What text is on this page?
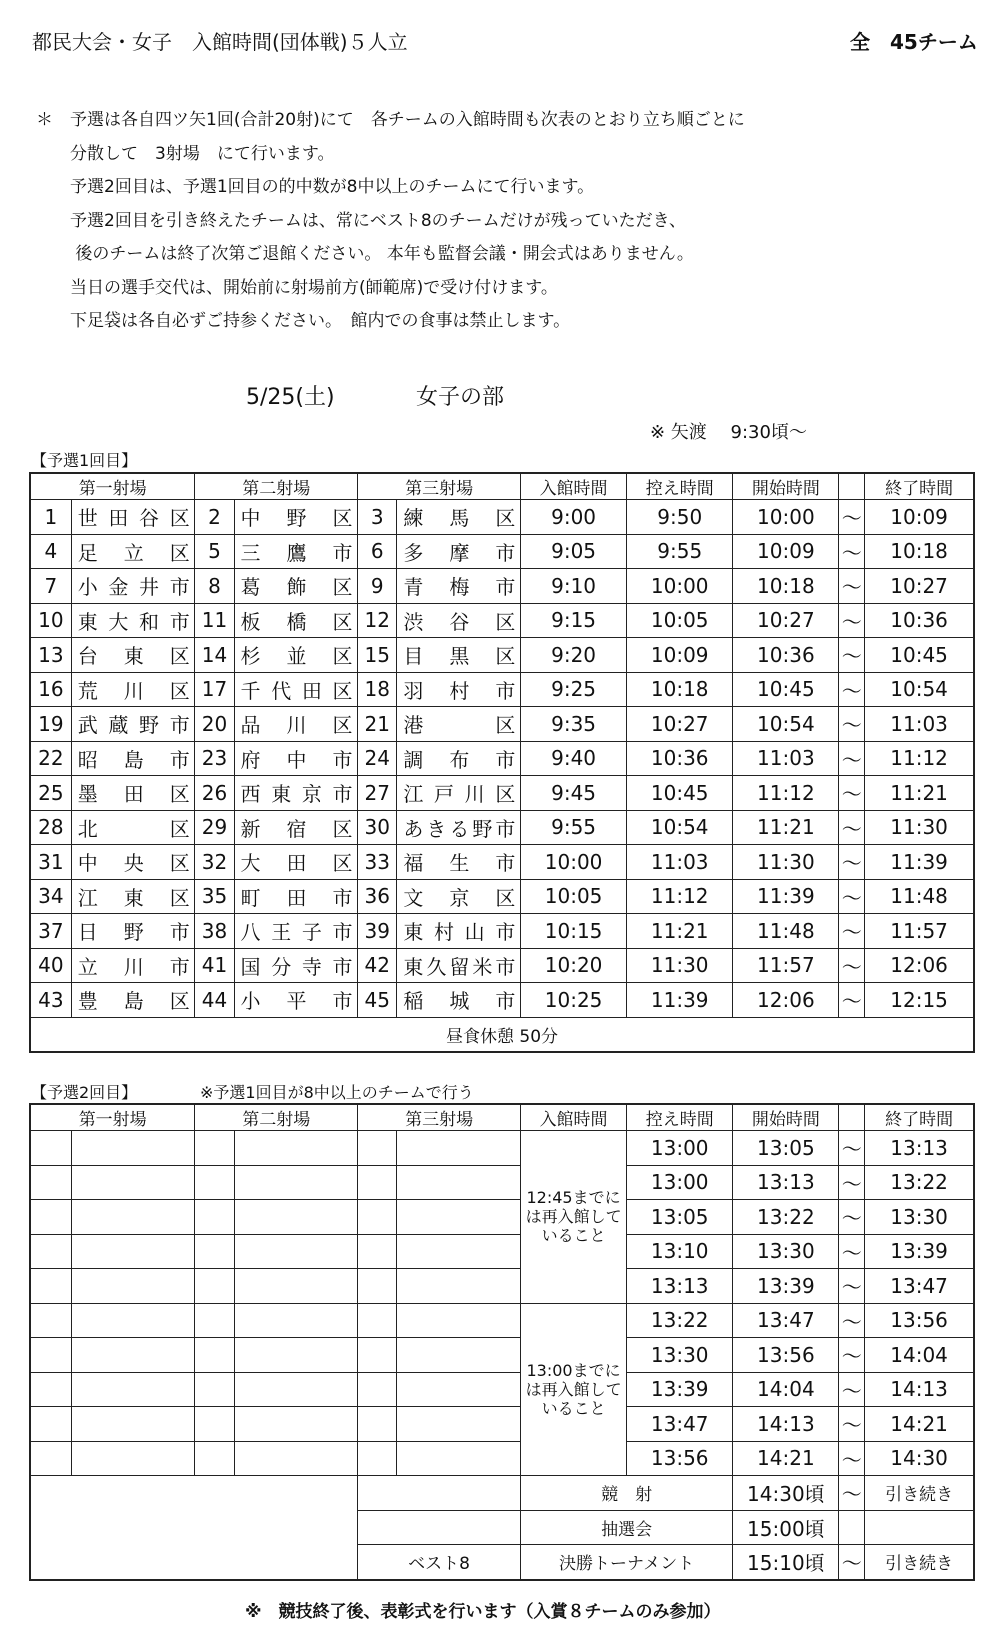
都民大会・女子　入館時間(団体戦)５人立	全　45チーム
＊　予選は各自四ツ矢1回(合計20射)にて　各チームの入館時間も次表のとおり立ち順ごとに
　　分散して　3射場　にて行います。
　　予選2回目は、予選1回目の的中数が8中以上のチームにて行います。
　　予選2回目を引き終えたチームは、常にベスト8のチームだけが残っていただき、
　　 後のチームは終了次第ご退館ください。 本年も監督会議・開会式はありません。
　　当日の選手交代は、開始前に射場前方(師範席)で受け付けます。
　　下足袋は各自必ずご持参ください。　館内での食事は禁止します。
5/25(土)	女子の部
※ 矢渡　 9:30頃～
【予選1回目】
第一射場		第二射場		第三射場		入館時間	控え時間	開始時間		終了時間
1	世 田 谷 区	2	中 野 区	3	練 馬 区	9:00	9:50	10:00	～	10:09
4	足 立 区	5	三 鷹 市	6	多 摩 市	9:05	9:55	10:09	～	10:18
7	小 金 井 市	8	葛 飾 区	9	青 梅 市	9:10	10:00	10:18	～	10:27
10	東 大 和 市	11	板 橋 区	12	渋 谷 区	9:15	10:05	10:27	～	10:36
13	台 東 区	14	杉 並 区	15	目 黒 区	9:20	10:09	10:36	～	10:45
16	荒 川 区	17	千 代 田 区	18	羽 村 市	9:25	10:18	10:45	～	10:54
19	武 蔵 野 市	20	品 川 区	21	港 区	9:35	10:27	10:54	～	11:03
22	昭 島 市	23	府 中 市	24	調 布 市	9:40	10:36	11:03	～	11:12
25	墨 田 区	26	西 東 京 市	27	江 戸 川 区	9:45	10:45	11:12	～	11:21
28	北 区	29	新 宿 区	30	あ き る 野 市	9:55	10:54	11:21	～	11:30
31	中 央 区	32	大 田 区	33	福 生 市	10:00	11:03	11:30	～	11:39
34	江 東 区	35	町 田 市	36	文 京 区	10:05	11:12	11:39	～	11:48
37	日 野 市	38	八 王 子 市	39	東 村 山 市	10:15	11:21	11:48	～	11:57
40	立 川 市	41	国 分 寺 市	42	東 久 留 米 市	10:20	11:30	11:57	～	12:06
43	豊 島 区	44	小 平 市	45	稲 城 市	10:25	11:39	12:06	～	12:15
昼食休憩 50分										
【予選2回目】	※予選1回目が8中以上のチームで行う
第一射場		第二射場		第三射場		入館時間	控え時間	開始時間		終了時間
						12:45までには再入館していること	13:00	13:05	～	13:13
							13:00	13:13	～	13:22
							13:05	13:22	～	13:30
							13:10	13:30	～	13:39
							13:13	13:39	～	13:47
						13:00までには再入館していること	13:22	13:47	～	13:56
							13:30	13:56	～	14:04
							13:39	14:04	～	14:13
							13:47	14:13	～	14:21
							13:56	14:21	～	14:30
						競　射		14:30頃	～	引き続き
						抽選会		15:00頃		
				ベスト8		決勝トーナメント		15:10頃	～	引き続き
※　競技終了後、表彰式を行います（入賞８チームのみ参加）
